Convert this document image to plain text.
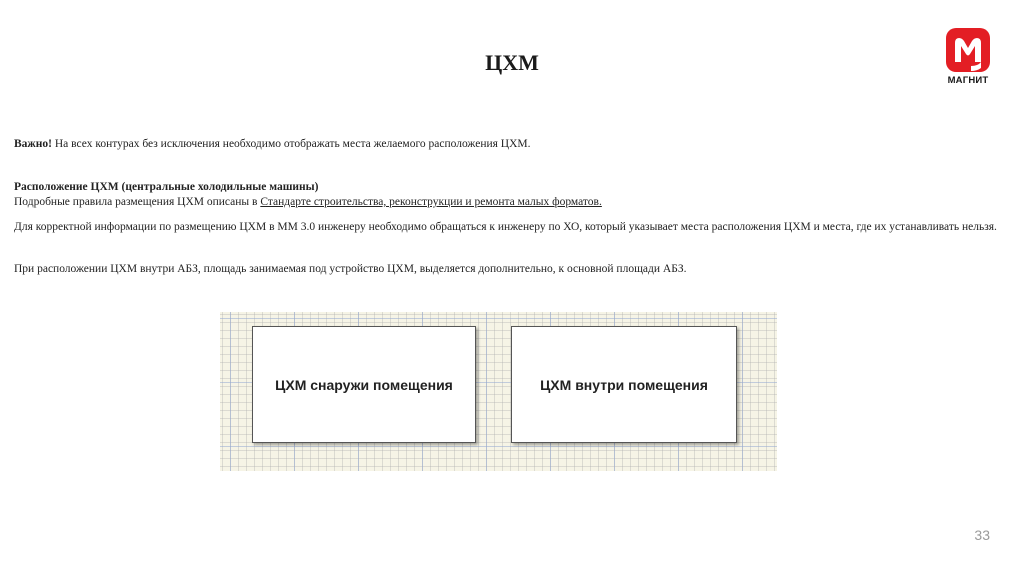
ЦХМ
МАГНИТ
Важно! На всех контурах без исключения необходимо отображать места желаемого расположения ЦХМ.
Расположение ЦХМ (центральные холодильные машины)
Подробные правила размещения ЦХМ описаны в Стандарте строительства, реконструкции и ремонта малых форматов.
Для корректной информации по размещению ЦХМ в ММ 3.0 инженеру необходимо обращаться к инженеру по ХО, который указывает места расположения ЦХМ и места, где их устанавливать нельзя.
При расположении ЦХМ внутри АБЗ, площадь занимаемая под устройство ЦХМ, выделяется дополнительно, к основной площади АБЗ.
ЦХМ снаружи помещения	ЦХМ внутри помещения
33
